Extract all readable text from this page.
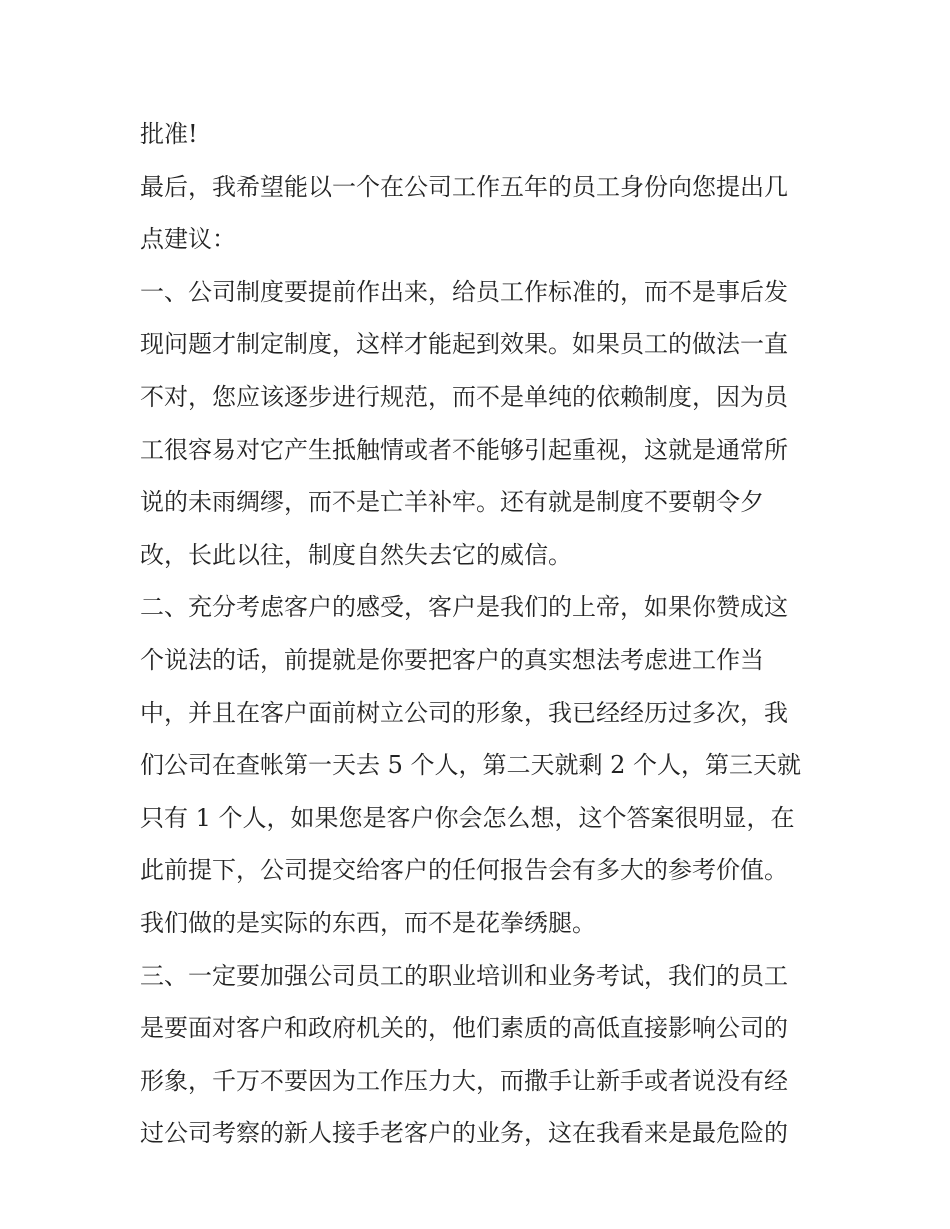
批准!

最后，我希望能以一个在公司工作五年的员工身份向您提出几

点建议：

一、公司制度要提前作出来，给员工作标准的，而不是事后发

现问题才制定制度，这样才能起到效果。如果员工的做法一直

不对，您应该逐步进行规范，而不是单纯的依赖制度，因为员

工很容易对它产生抵触情或者不能够引起重视，这就是通常所

说的未雨绸缪，而不是亡羊补牢。还有就是制度不要朝令夕

改，长此以往，制度自然失去它的威信。

二、充分考虑客户的感受，客户是我们的上帝，如果你赞成这

个说法的话，前提就是你要把客户的真实想法考虑进工作当

中，并且在客户面前树立公司的形象，我已经经历过多次，我

们公司在查帐第一天去 5 个人，第二天就剩 2 个人，第三天就

只有 1 个人，如果您是客户你会怎么想，这个答案很明显，在

此前提下，公司提交给客户的任何报告会有多大的参考价值。

我们做的是实际的东西，而不是花拳绣腿。

三、一定要加强公司员工的职业培训和业务考试，我们的员工

是要面对客户和政府机关的，他们素质的高低直接影响公司的

形象，千万不要因为工作压力大，而撒手让新手或者说没有经

过公司考察的新人接手老客户的业务，这在我看来是最危险的
